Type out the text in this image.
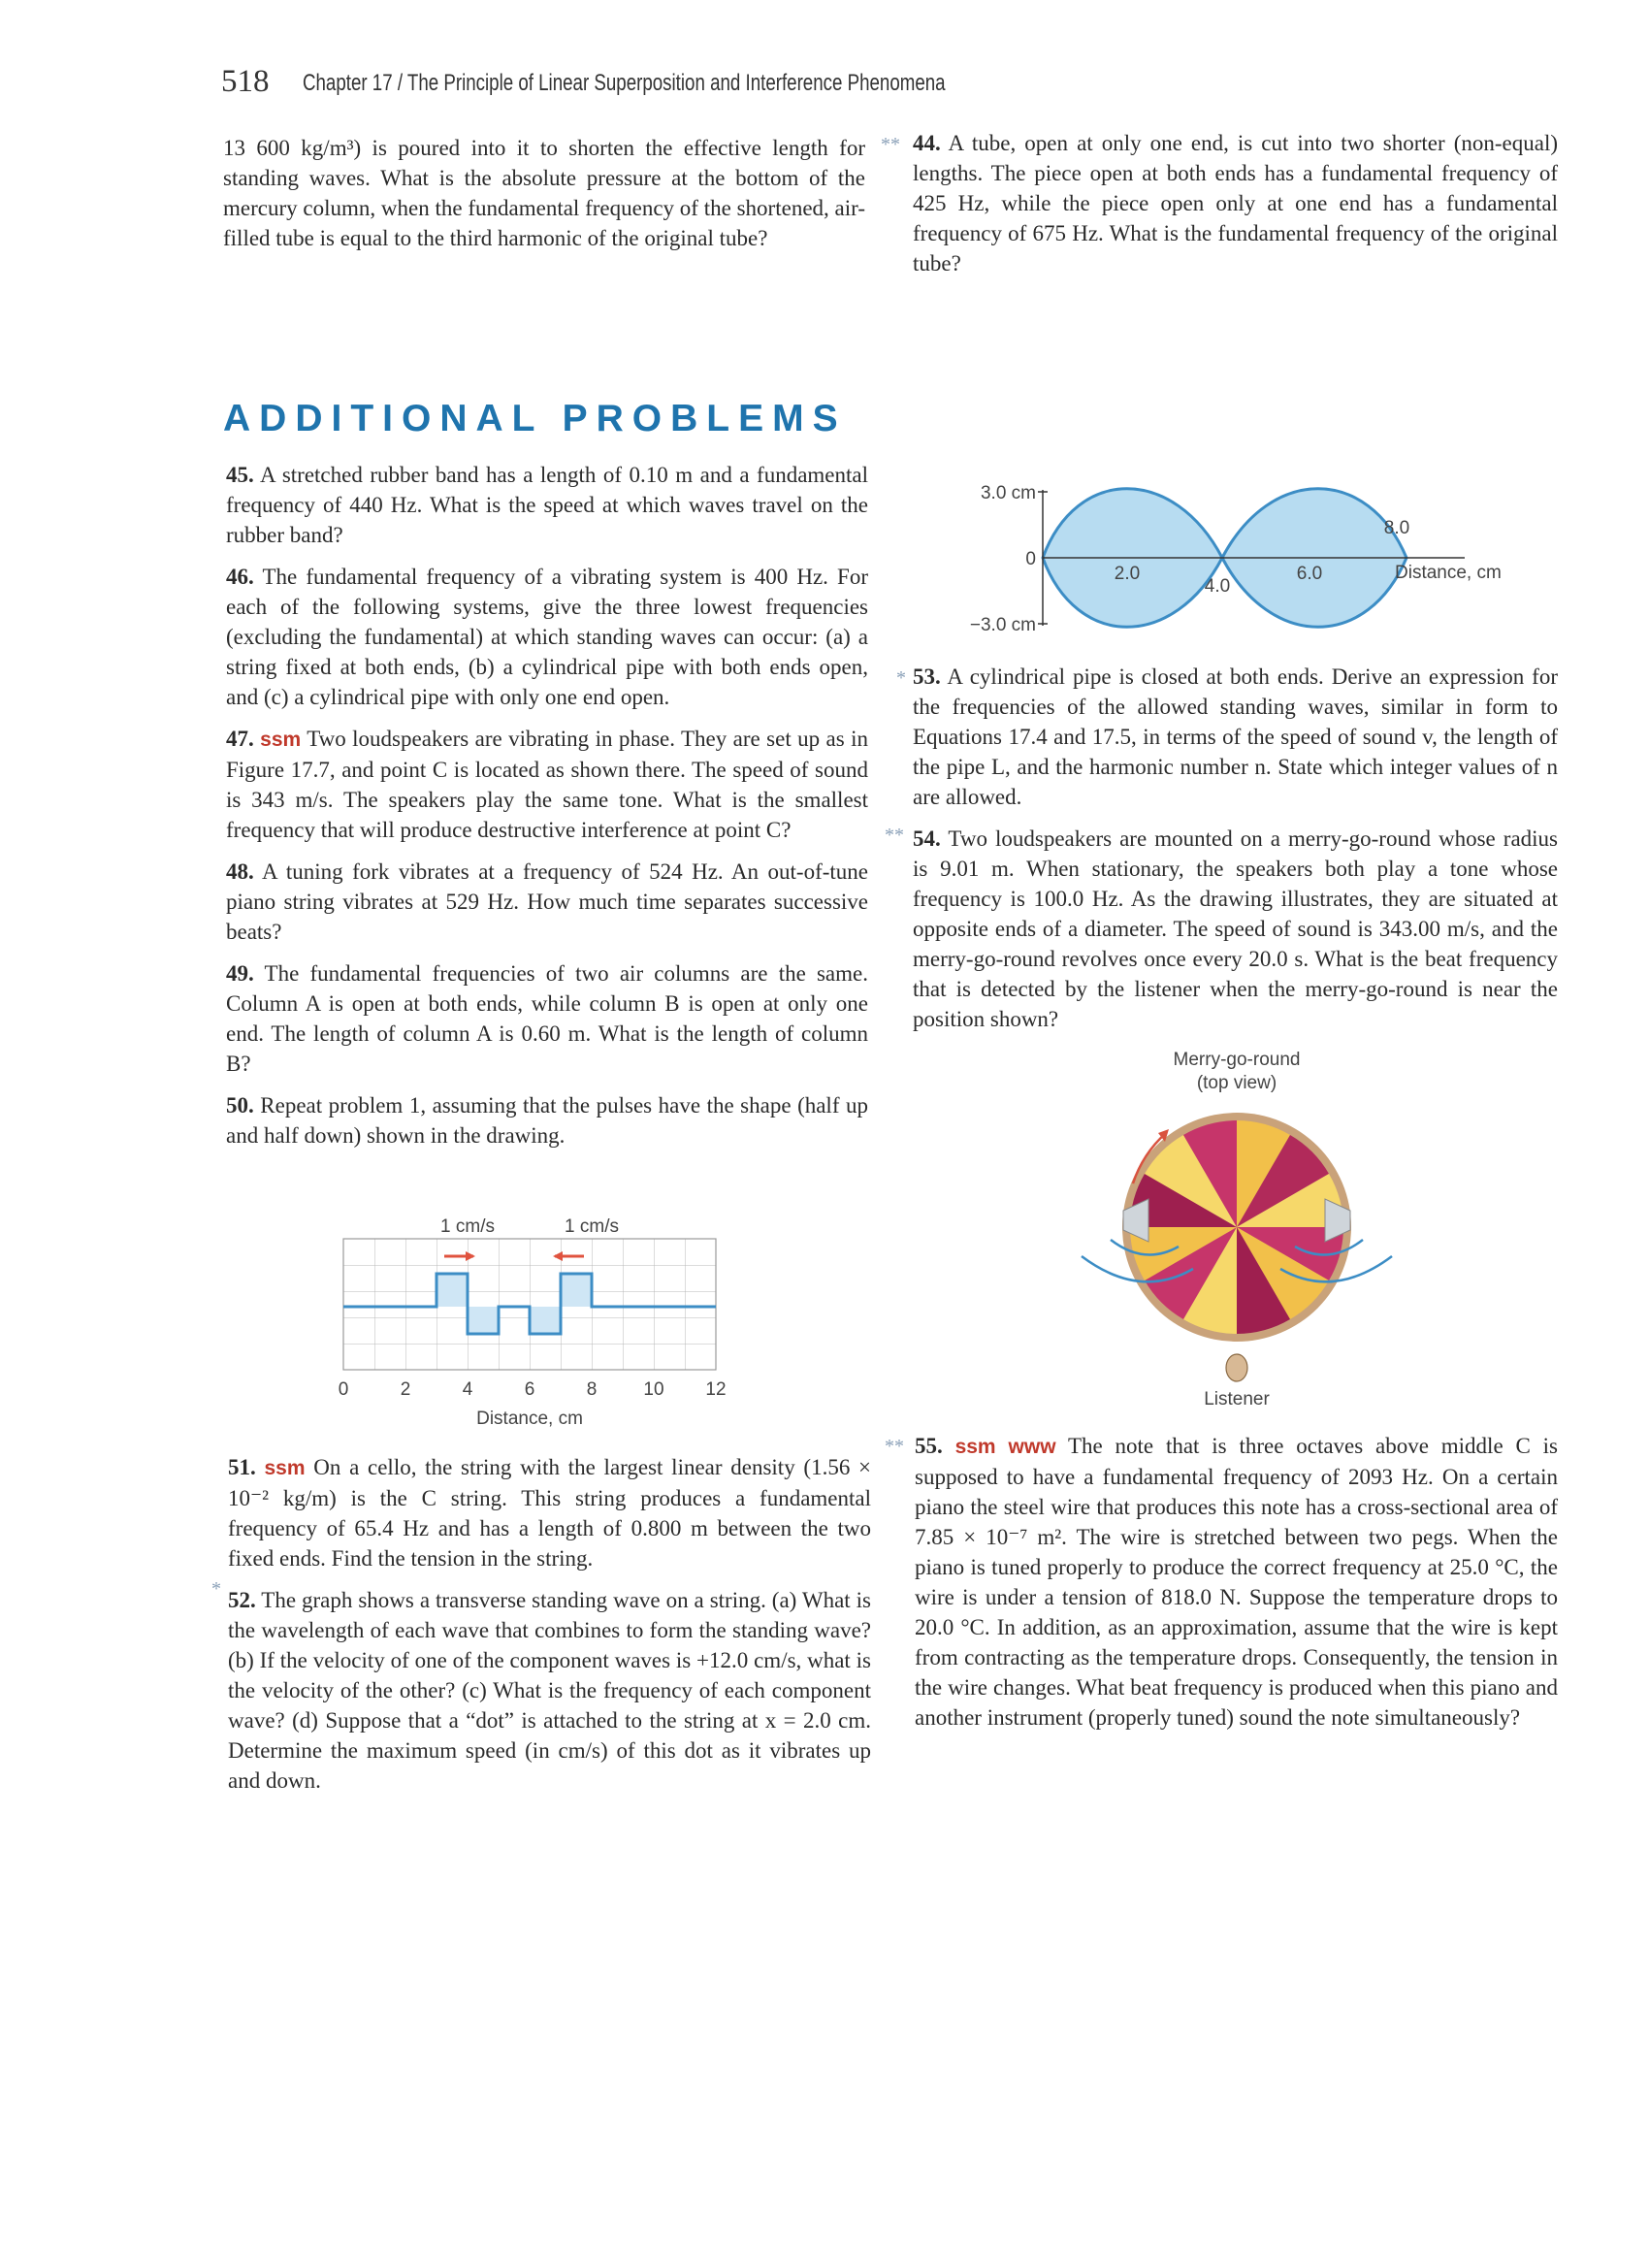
518 Chapter 17 / The Principle of Linear Superposition and Interference Phenomena

13 600 kg/m³) is poured into it to shorten the effective length for standing waves. What is the absolute pressure at the bottom of the mercury column, when the fundamental frequency of the shortened, air-filled tube is equal to the third harmonic of the original tube?

** 44. A tube, open at only one end, is cut into two shorter (non-equal) lengths. The piece open at both ends has a fundamental frequency of 425 Hz, while the piece open only at one end has a fundamental frequency of 675 Hz. What is the fundamental frequency of the original tube?

ADDITIONAL PROBLEMS

45. A stretched rubber band has a length of 0.10 m and a fundamental frequency of 440 Hz. What is the speed at which waves travel on the rubber band?

46. The fundamental frequency of a vibrating system is 400 Hz. For each of the following systems, give the three lowest frequencies (excluding the fundamental) at which standing waves can occur: (a) a string fixed at both ends, (b) a cylindrical pipe with both ends open, and (c) a cylindrical pipe with only one end open.

47. ssm Two loudspeakers are vibrating in phase. They are set up as in Figure 17.7, and point C is located as shown there. The speed of sound is 343 m/s. The speakers play the same tone. What is the smallest frequency that will produce destructive interference at point C?

48. A tuning fork vibrates at a frequency of 524 Hz. An out-of-tune piano string vibrates at 529 Hz. How much time separates successive beats?

49. The fundamental frequencies of two air columns are the same. Column A is open at both ends, while column B is open at only one end. The length of column A is 0.60 m. What is the length of column B?

50. Repeat problem 1, assuming that the pulses have the shape (half up and half down) shown in the drawing.

1 cm/s	1 cm/s
0	2	4	6	8	10 12
Distance, cm

51. ssm On a cello, the string with the largest linear density (1.56 × 10⁻² kg/m) is the C string. This string produces a fundamental frequency of 65.4 Hz and has a length of 0.800 m between the two fixed ends. Find the tension in the string.

52. The graph shows a transverse standing wave on a string. (a) What is the wavelength of each wave that combines to form the standing wave? (b) If the velocity of one of the component waves is +12.0 cm/s, what is the velocity of the other? (c) What is the frequency of each component wave? (d) Suppose that a “dot” is attached to the string at x = 2.0 cm. Determine the maximum speed (in cm/s) of this dot as it vibrates up and down.

*
3.0 cm
0
−3.0 cm
2.0
4.0
6.0
8.0
Distance, cm
*
**

53. A cylindrical pipe is closed at both ends. Derive an expression for the frequencies of the allowed standing waves, similar in form to Equations 17.4 and 17.5, in terms of the speed of sound v, the length of the pipe L, and the harmonic number n. State which integer values of n are allowed.

54. Two loudspeakers are mounted on a merry-go-round whose radius is 9.01 m. When stationary, the speakers both play a tone whose frequency is 100.0 Hz. As the drawing illustrates, they are situated at opposite ends of a diameter. The speed of sound is 343.00 m/s, and the merry-go-round revolves once every 20.0 s. What is the beat frequency that is detected by the listener when the merry-go-round is near the position shown?

Merry-go-round
(top view)
Listener
** 55. ssm www The note that is three octaves above middle C is supposed to have a fundamental frequency of 2093 Hz. On a certain piano the steel wire that produces this note has a cross-sectional area of 7.85 × 10⁻⁷ m². The wire is stretched between two pegs. When the piano is tuned properly to produce the correct frequency at 25.0 °C, the wire is under a tension of 818.0 N. Suppose the temperature drops to 20.0 °C. In addition, as an approximation, assume that the wire is kept from contracting as the temperature drops. Consequently, the tension in the wire changes. What beat frequency is produced when this piano and another instrument (properly tuned) sound the note simultaneously?
